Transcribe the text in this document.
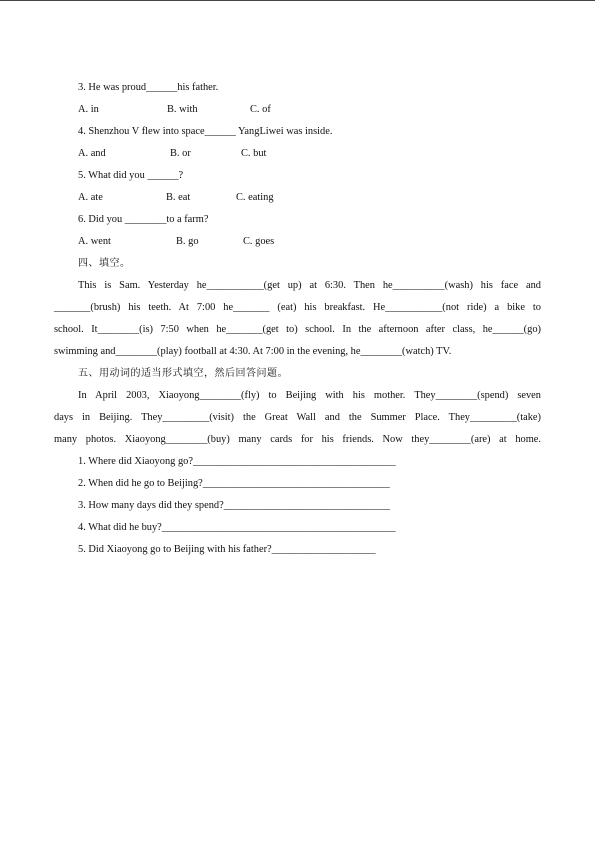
3. He was proud______his father.
A. in	B. with	C. of
4. Shenzhou V flew into space______ YangLiwei was inside.
A. and	B. or	C. but
5. What did you ______?
A. ate	B. eat	C. eating
6. Did you ________to a farm?
A. went	B. go	C. goes
四、填空。
This is Sam. Yesterday he___________(get up) at 6:30. Then he__________(wash) his face and
_______(brush) his teeth. At 7:00 he_______ (eat) his breakfast. He___________(not ride) a bike to
school. It________(is) 7:50 when he_______(get to) school. In the afternoon after class, he______(go)
swimming and________(play) football at 4:30. At 7:00 in the evening, he________(watch) TV.
五、用动词的适当形式填空，然后回答问题。
In April 2003, Xiaoyong________(fly) to Beijing with his mother. They________(spend) seven
days in Beijing. They_________(visit) the Great Wall and the Summer Place. They_________(take)
many photos. Xiaoyong________(buy) many cards for his friends. Now they________(are) at home.
1. Where did Xiaoyong go?_______________________________________
2. When did he go to Beijing?____________________________________
3. How many days did they spend?________________________________
4. What did he buy?_____________________________________________
5. Did Xiaoyong go to Beijing with his father?____________________
